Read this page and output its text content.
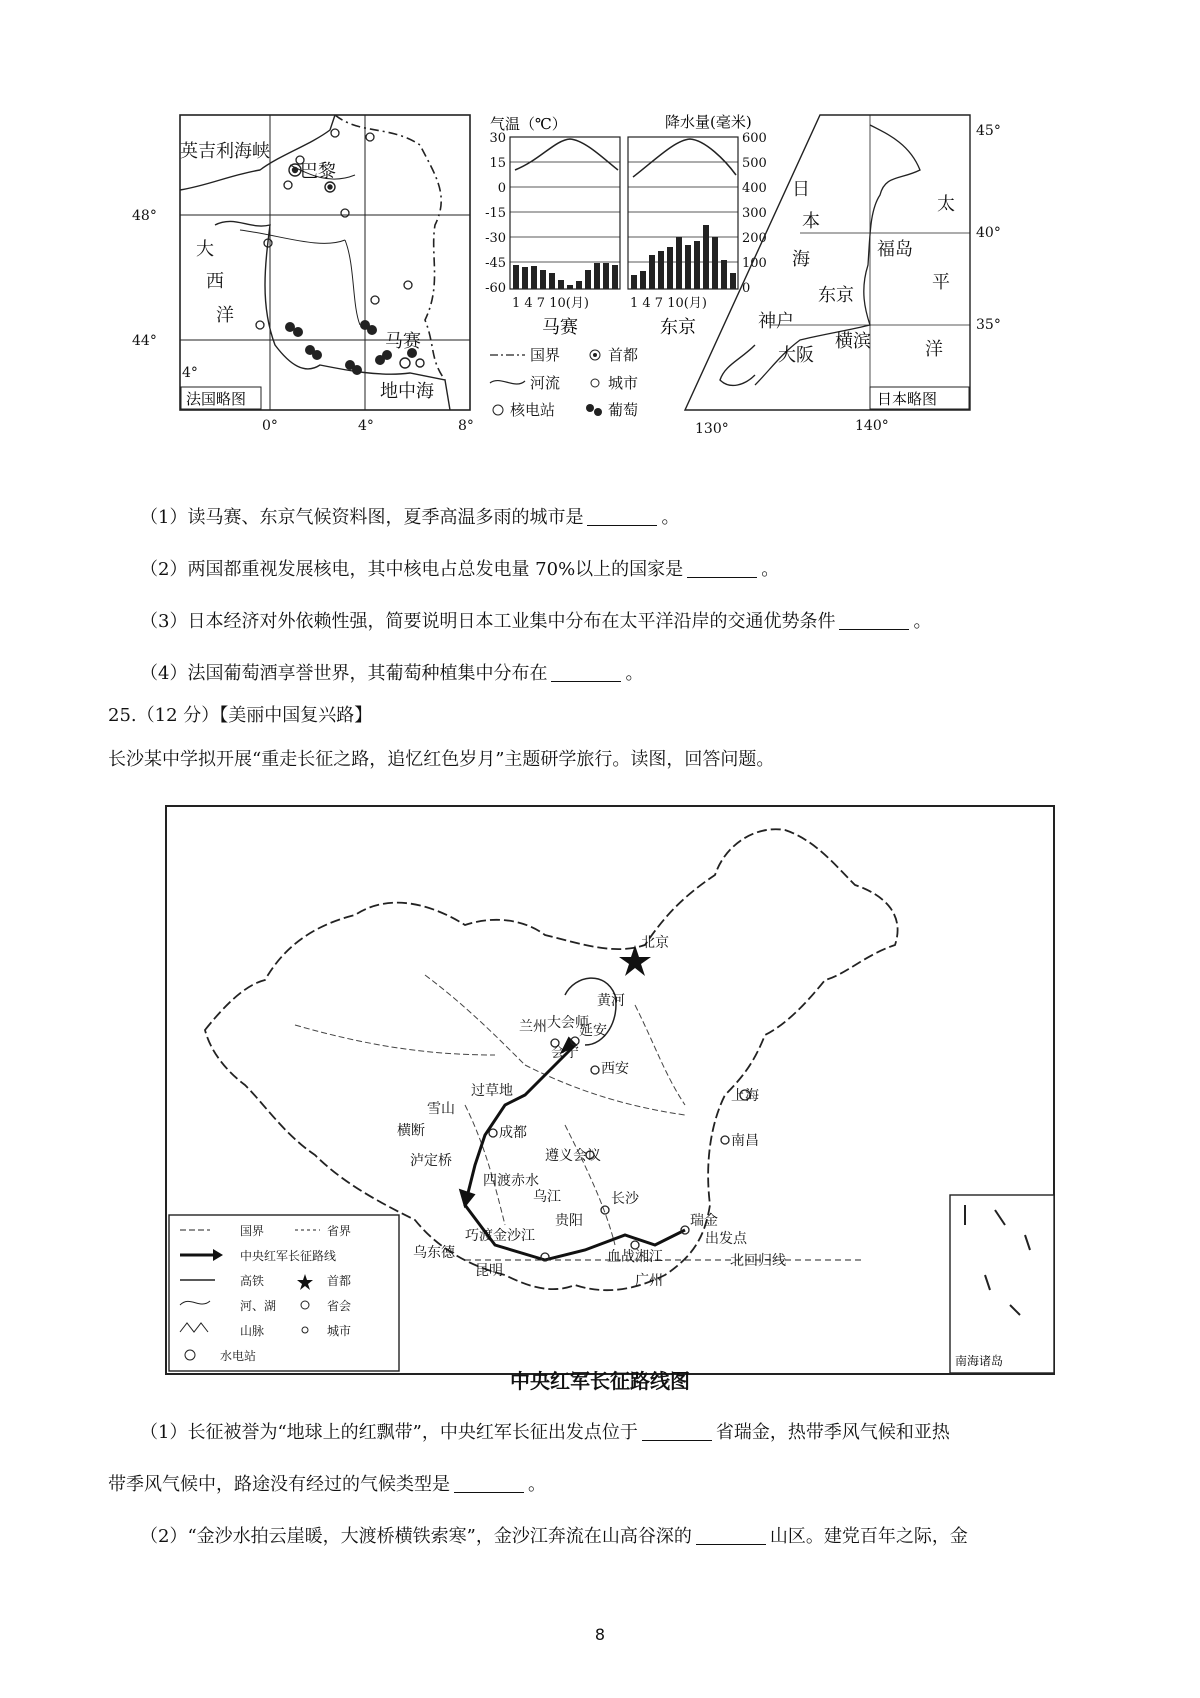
英吉利海峡
巴黎
大
西
洋
马赛
地中海
法国略图
48°
44°
4°
0°	4°	8°
气温（℃）	降水量(毫米)
30
15
0
-15
-30
-45
-60
600
500
400
300
200
100
0
1 4 7 10(月)	1 4 7 10(月)
马赛	东京
国界	首都
河流	城市
核电站	葡萄
日
本
海	福岛
东京
神户
大阪
横滨
太
平
洋
日本略图
45°
40°
35°
130°	140°
（1）读马赛、东京气候资料图，夏季高温多雨的城市是	。
（2）两国都重视发展核电，其中核电占总发电量 70%以上的国家是	。
（3）日本经济对外依赖性强，简要说明日本工业集中分布在太平洋沿岸的交通优势条件	。
（4）法国葡萄酒享誉世界，其葡萄种植集中分布在	。
25.（12 分）【美丽中国复兴路】
长沙某中学拟开展“重走长征之路，追忆红色岁月”主题研学旅行。读图，回答问题。
北京
延安
兰州 大会师
会宁
西安
上海
成都
遵义会议
南昌
长沙
瑞金
出发点
贵阳
昆明
广州
泸定桥
过草地
雪山
横断
四渡赤水
巧渡金沙江
乌江
乌东德
黄河
血战湘江	北回归线
南海诸岛
国界	省界
中央红军长征路线
高铁	首都
河、湖	省会
山脉	城市
水电站
中央红军长征路线图
（1）长征被誉为“地球上的红飘带”，中央红军长征出发点位于	省瑞金，热带季风气候和亚热
带季风气候中，路途没有经过的气候类型是	。
（2）“金沙水拍云崖暖，大渡桥横铁索寒”，金沙江奔流在山高谷深的	山区。建党百年之际，金
8
